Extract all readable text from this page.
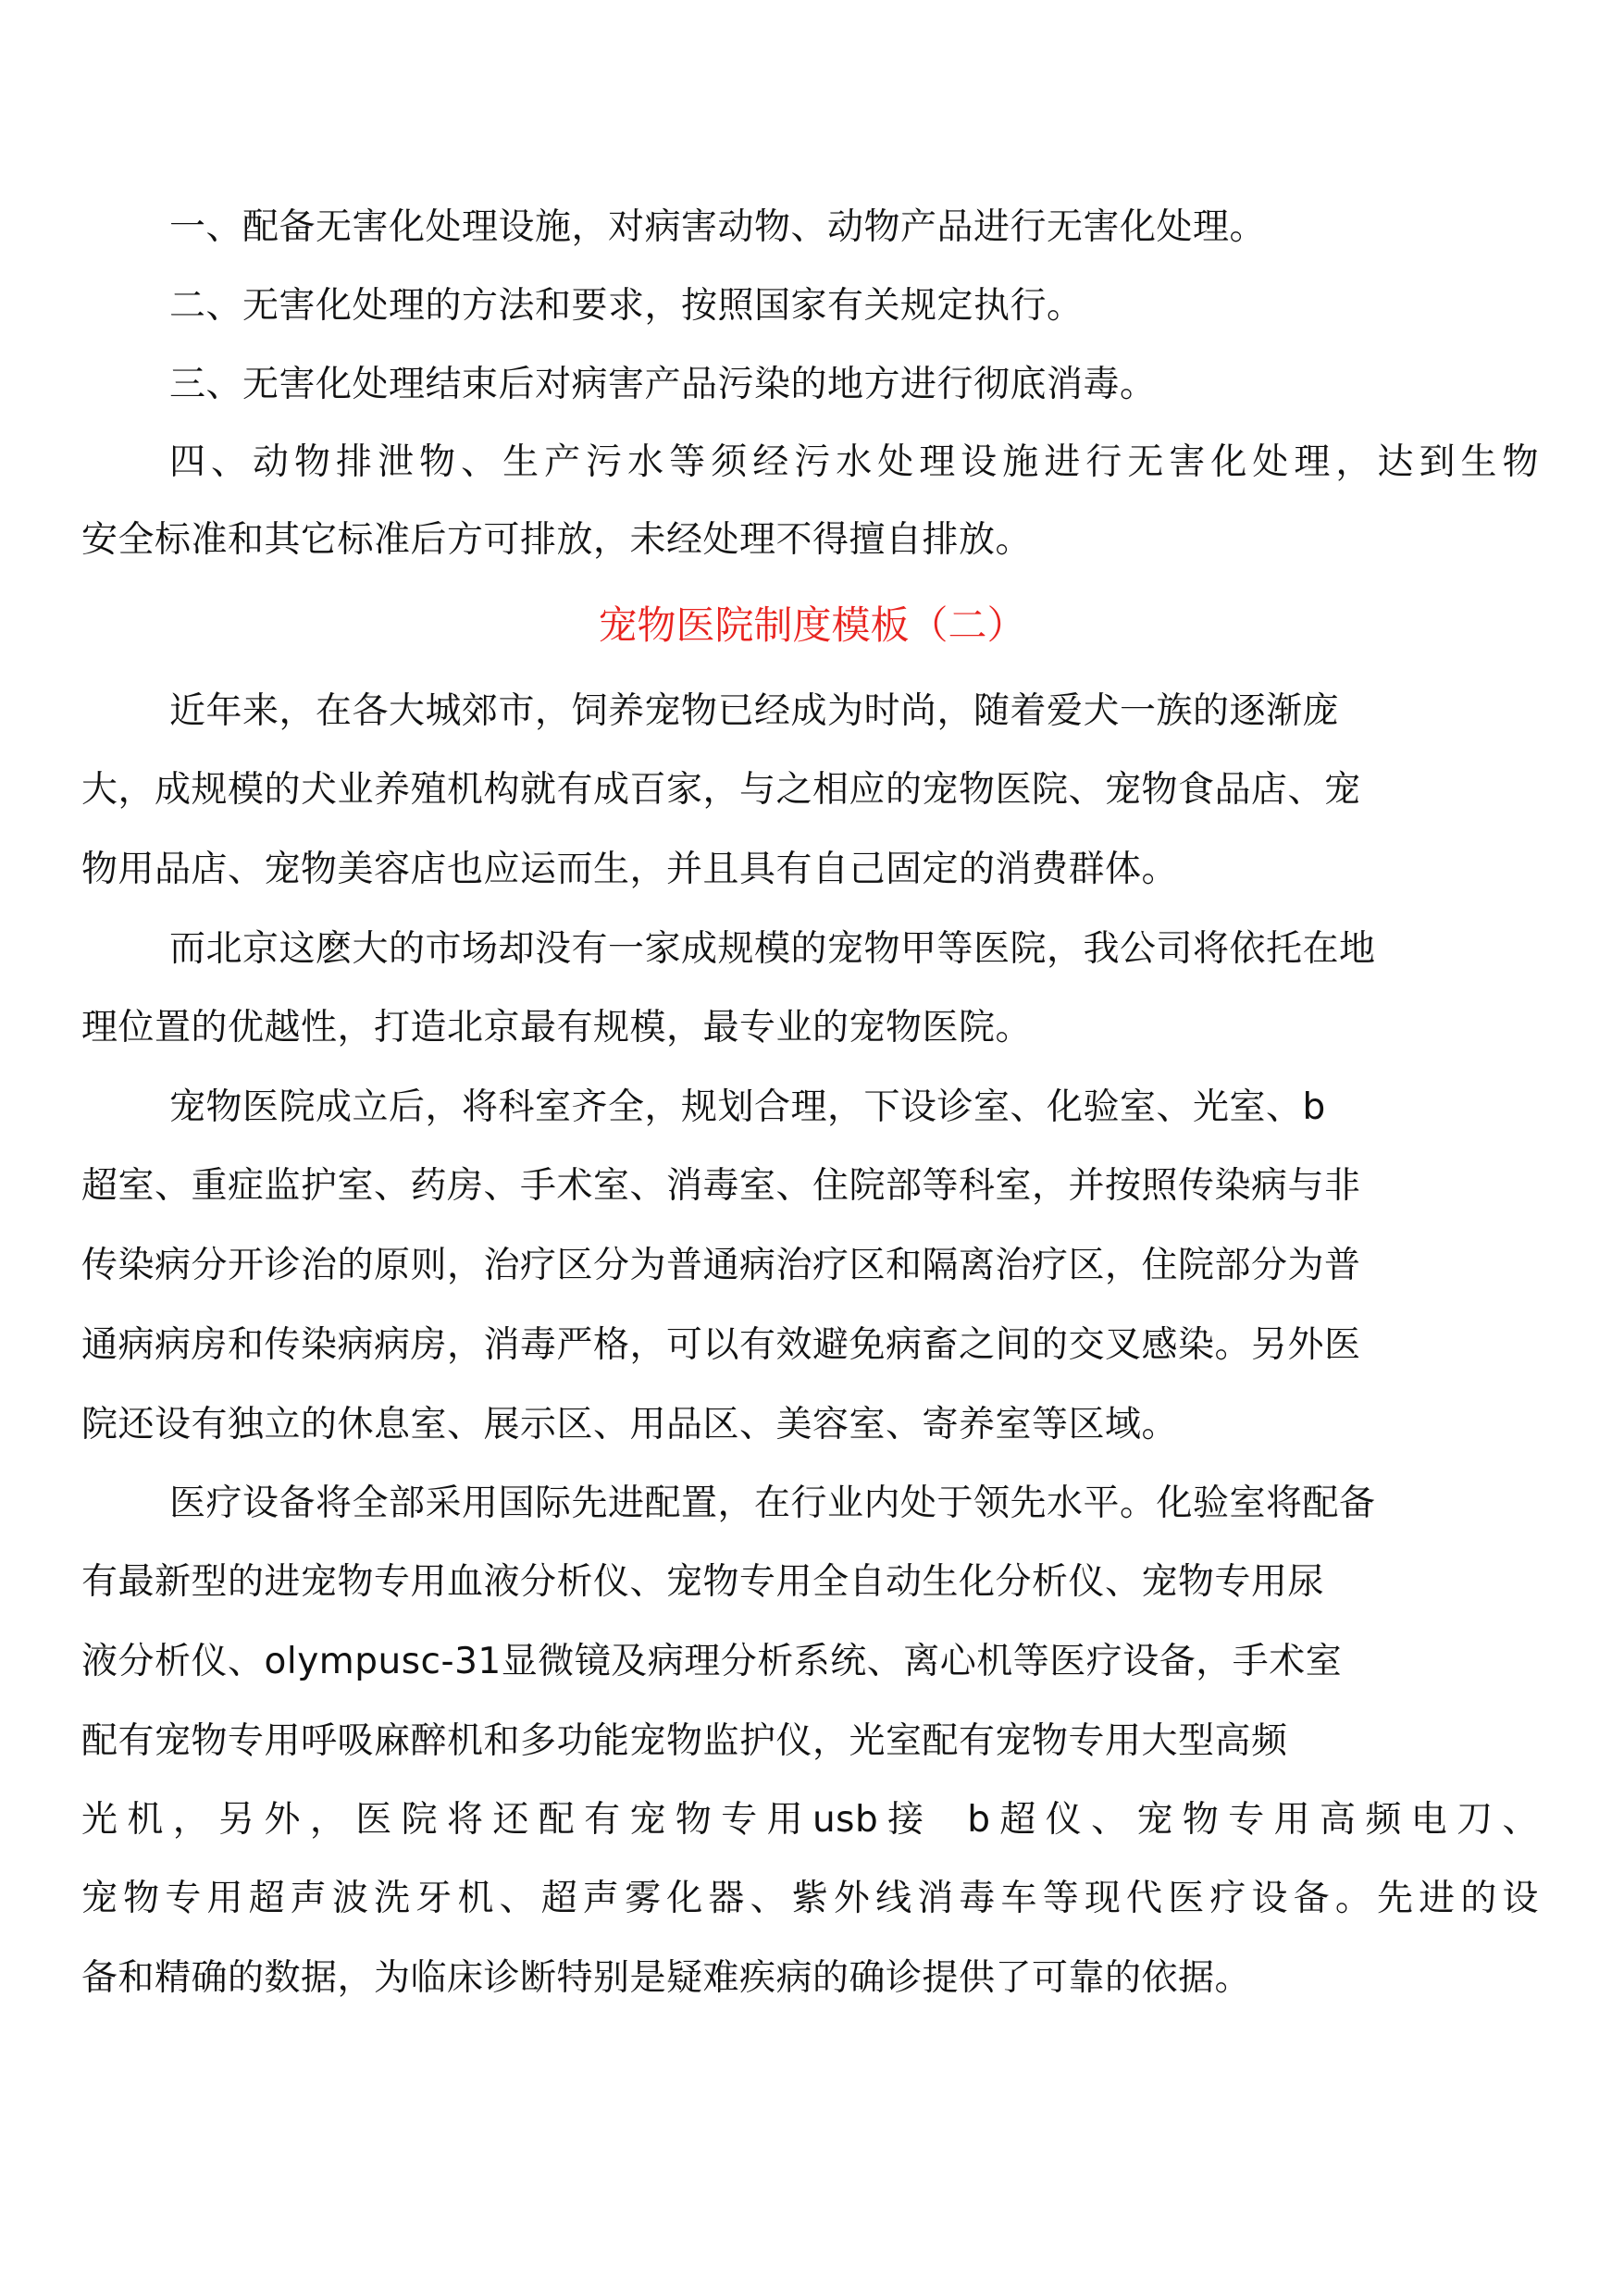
一、配备无害化处理设施，对病害动物、动物产品进行无害化处理。
二、无害化处理的方法和要求，按照国家有关规定执行。
三、无害化处理结束后对病害产品污染的地方进行彻底消毒。
四、动物排泄物、生产污水等须经污水处理设施进行无害化处理，达到生物
安全标准和其它标准后方可排放，未经处理不得擅自排放。
宠物医院制度模板（二）
近年来，在各大城郊市，饲养宠物已经成为时尚，随着爱犬一族的逐渐庞
大，成规模的犬业养殖机构就有成百家，与之相应的宠物医院、宠物食品店、宠
物用品店、宠物美容店也应运而生，并且具有自己固定的消费群体。
而北京这麽大的市场却没有一家成规模的宠物甲等医院，我公司将依托在地
理位置的优越性，打造北京最有规模，最专业的宠物医院。
宠物医院成立后，将科室齐全，规划合理，下设诊室、化验室、光室、b
超室、重症监护室、药房、手术室、消毒室、住院部等科室，并按照传染病与非
传染病分开诊治的原则，治疗区分为普通病治疗区和隔离治疗区，住院部分为普
通病病房和传染病病房，消毒严格，可以有效避免病畜之间的交叉感染。另外医
院还设有独立的休息室、展示区、用品区、美容室、寄养室等区域。
医疗设备将全部采用国际先进配置，在行业内处于领先水平。化验室将配备
有最新型的进宠物专用血液分析仪、宠物专用全自动生化分析仪、宠物专用尿
液分析仪、olympusc-31显微镜及病理分析系统、离心机等医疗设备，手术室
配有宠物专用呼吸麻醉机和多功能宠物监护仪，光室配有宠物专用大型高频
光机，另外，医院将还配有宠物专用usb接 b超仪、宠物专用高频电刀、
宠物专用超声波洗牙机、超声雾化器、紫外线消毒车等现代医疗设备。先进的设
备和精确的数据，为临床诊断特别是疑难疾病的确诊提供了可靠的依据。
